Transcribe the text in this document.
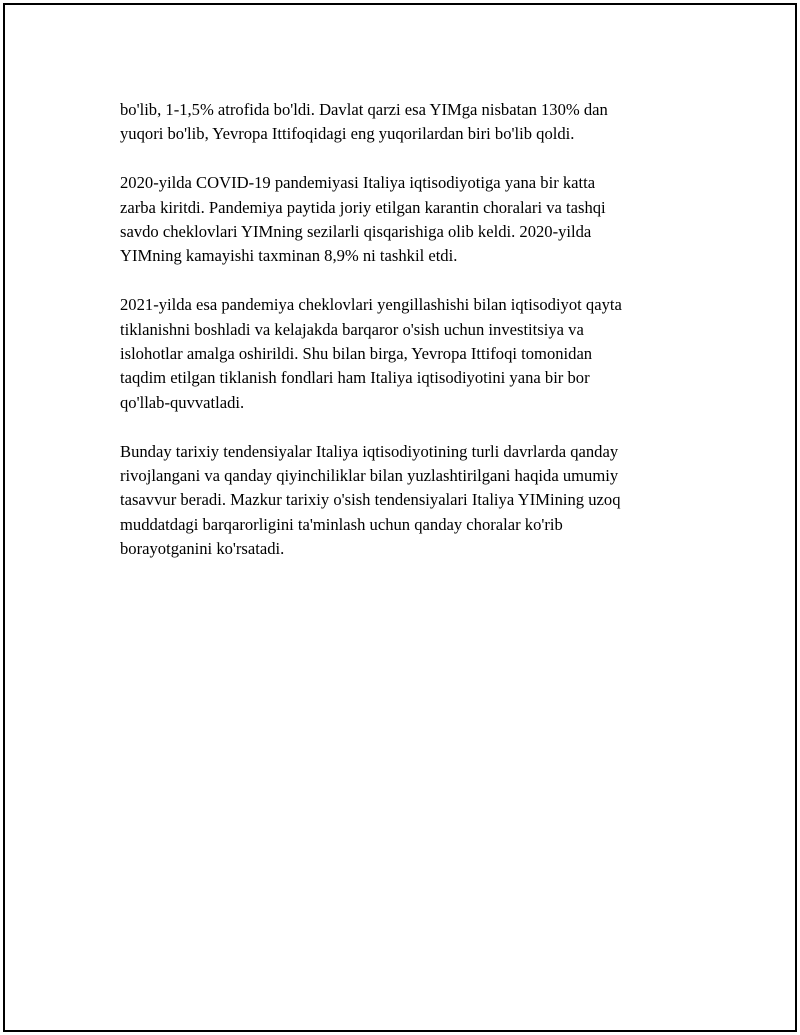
bo'lib, 1-1,5% atrofida bo'ldi. Davlat qarzi esa YIMga nisbatan 130% dan
yuqori bo'lib, Yevropa Ittifoqidagi eng yuqorilardan biri bo'lib qoldi.

2020-yilda COVID-19 pandemiyasi Italiya iqtisodiyotiga yana bir katta
zarba kiritdi. Pandemiya paytida joriy etilgan karantin choralari va tashqi
savdo cheklovlari YIMning sezilarli qisqarishiga olib keldi. 2020-yilda
YIMning kamayishi taxminan 8,9% ni tashkil etdi.

2021-yilda esa pandemiya cheklovlari yengillashishi bilan iqtisodiyot qayta
tiklanishni boshladi va kelajakda barqaror o'sish uchun investitsiya va
islohotlar amalga oshirildi. Shu bilan birga, Yevropa Ittifoqi tomonidan
taqdim etilgan tiklanish fondlari ham Italiya iqtisodiyotini yana bir bor
qo'llab-quvvatladi.

Bunday tarixiy tendensiyalar Italiya iqtisodiyotining turli davrlarda qanday
rivojlangani va qanday qiyinchiliklar bilan yuzlashtirilgani haqida umumiy
tasavvur beradi. Mazkur tarixiy o'sish tendensiyalari Italiya YIMining uzoq
muddatdagi barqarorligini ta'minlash uchun qanday choralar ko'rib
borayotganini ko'rsatadi.
